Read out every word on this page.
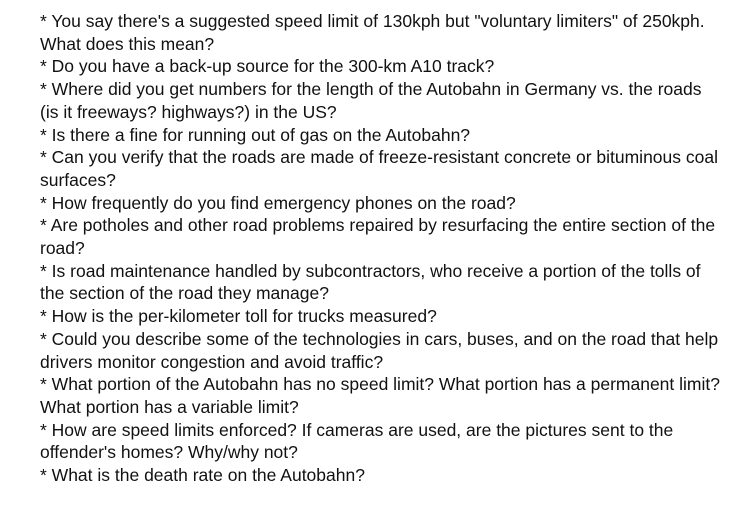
* You say there's a suggested speed limit of 130kph but "voluntary limiters" of 250kph. What does this mean?

* Do you have a back-up source for the 300-km A10 track?

* Where did you get numbers for the length of the Autobahn in Germany vs. the roads (is it freeways? highways?) in the US?

* Is there a fine for running out of gas on the Autobahn?

* Can you verify that the roads are made of freeze-resistant concrete or bituminous coal surfaces?

* How frequently do you find emergency phones on the road?

* Are potholes and other road problems repaired by resurfacing the entire section of the road?

* Is road maintenance handled by subcontractors, who receive a portion of the tolls of the section of the road they manage?

* How is the per-kilometer toll for trucks measured?

* Could you describe some of the technologies in cars, buses, and on the road that help drivers monitor congestion and avoid traffic?

* What portion of the Autobahn has no speed limit? What portion has a permanent limit? What portion has a variable limit?

* How are speed limits enforced? If cameras are used, are the pictures sent to the offender's homes? Why/why not?

* What is the death rate on the Autobahn?
